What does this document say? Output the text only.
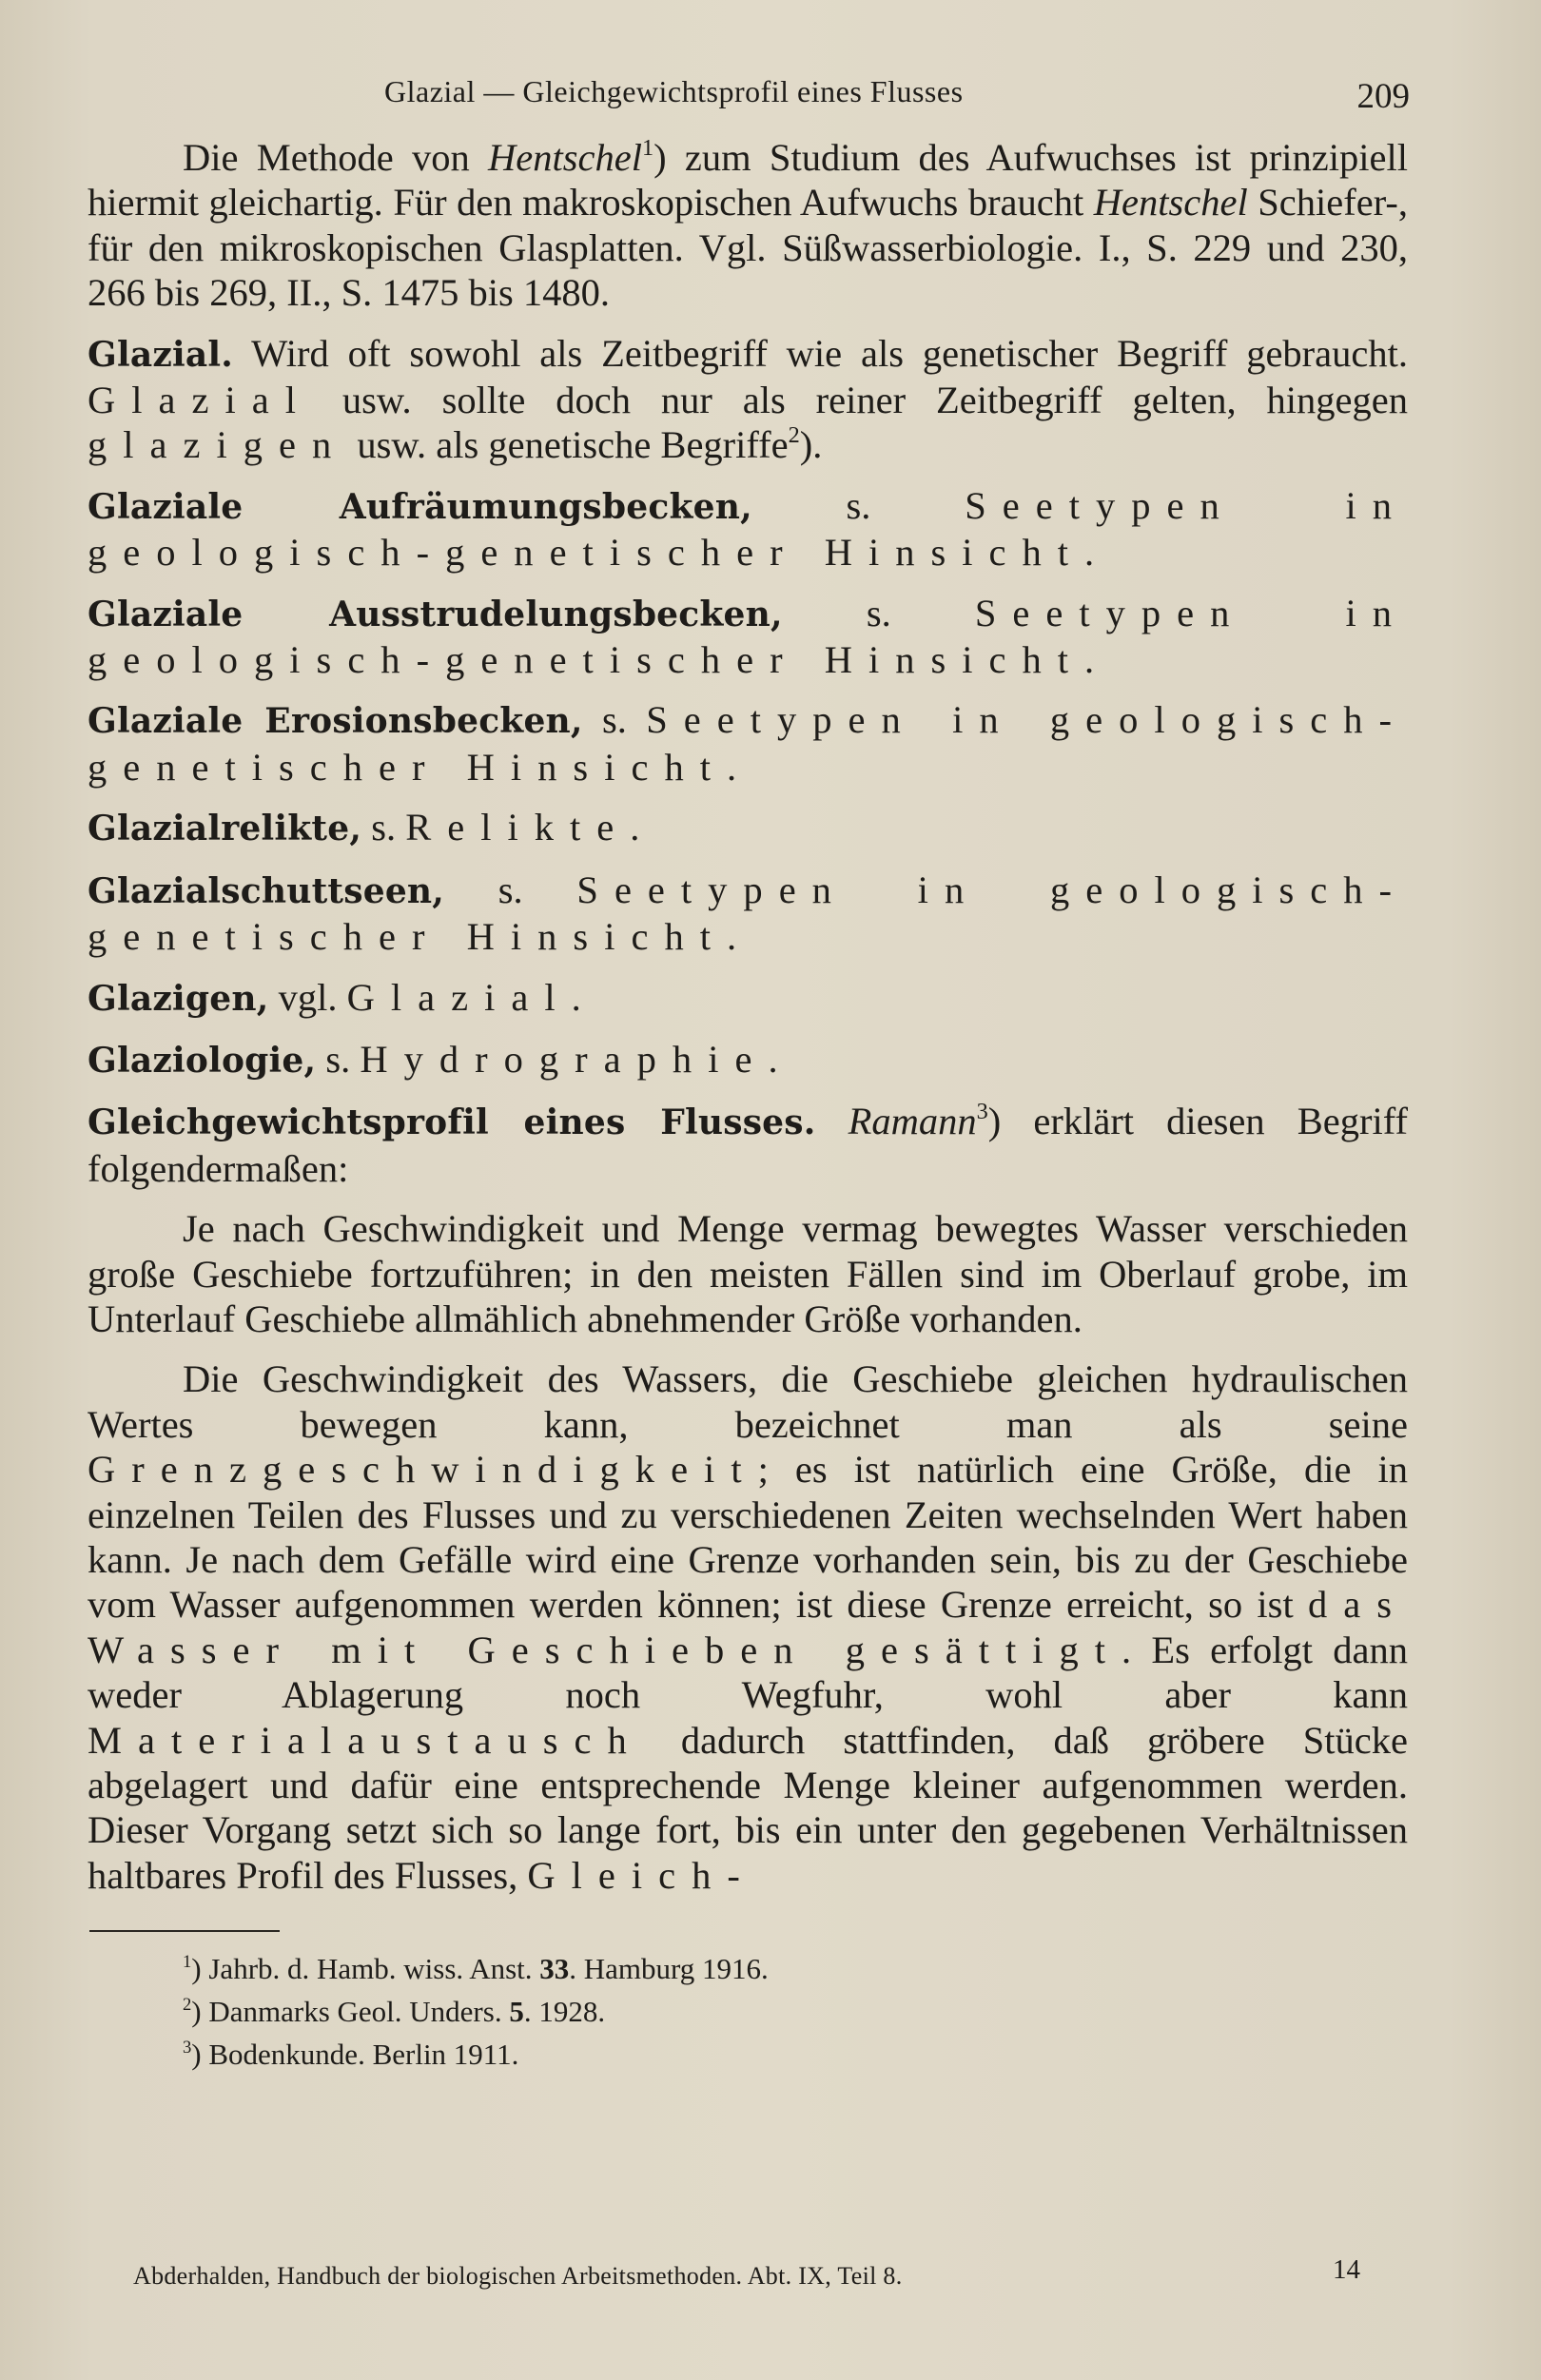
Glazial — Gleichgewichtsprofil eines Flusses	209

Die Methode von Hentschel$^1$) zum Studium des Aufwuchses ist prinzipiell hiermit gleichartig. Für den makroskopischen Aufwuchs braucht Hentschel Schiefer-, für den mikroskopischen Glasplatten. Vgl. Süßwasserbiologie. I., S. 229 und 230, 266 bis 269, II., S. 1475 bis 1480.

Glazial. Wird oft sowohl als Zeitbegriff wie als genetischer Begriff gebraucht. Glazial usw. sollte doch nur als reiner Zeitbegriff gelten, hingegen glazigen usw. als genetische Begriffe$^2$).

Glaziale Aufräumungsbecken, s. Seetypen in geologisch-genetischer Hinsicht.

Glaziale Ausstrudelungsbecken, s. Seetypen in geologisch-genetischer Hinsicht.

Glaziale Erosionsbecken, s. Seetypen in geologisch-genetischer Hinsicht.

Glazialrelikte, s. Relikte.

Glazialschuttseen, s. Seetypen in geologisch-genetischer Hinsicht.

Glazigen, vgl. Glazial.

Glaziologie, s. Hydrographie.

Gleichgewichtsprofil eines Flusses. Ramann$^3$) erklärt diesen Begriff folgendermaßen:

Je nach Geschwindigkeit und Menge vermag bewegtes Wasser verschieden große Geschiebe fortzuführen; in den meisten Fällen sind im Oberlauf grobe, im Unterlauf Geschiebe allmählich abnehmender Größe vorhanden.

Die Geschwindigkeit des Wassers, die Geschiebe gleichen hydraulischen Wertes bewegen kann, bezeichnet man als seine Grenzgeschwindigkeit; es ist natürlich eine Größe, die in einzelnen Teilen des Flusses und zu verschiedenen Zeiten wechselnden Wert haben kann. Je nach dem Gefälle wird eine Grenze vorhanden sein, bis zu der Geschiebe vom Wasser aufgenommen werden können; ist diese Grenze erreicht, so ist das Wasser mit Geschieben gesättigt. Es erfolgt dann weder Ablagerung noch Wegfuhr, wohl aber kann Materialaustausch dadurch stattfinden, daß gröbere Stücke abgelagert und dafür eine entsprechende Menge kleiner aufgenommen werden. Dieser Vorgang setzt sich so lange fort, bis ein unter den gegebenen Verhältnissen haltbares Profil des Flusses, Gleich-

$^1$) Jahrb. d. Hamb. wiss. Anst. 33. Hamburg 1916.
$^2$) Danmarks Geol. Unders. 5. 1928.
$^3$) Bodenkunde. Berlin 1911.
Abderhalden, Handbuch der biologischen Arbeitsmethoden. Abt. IX, Teil 8.	14
